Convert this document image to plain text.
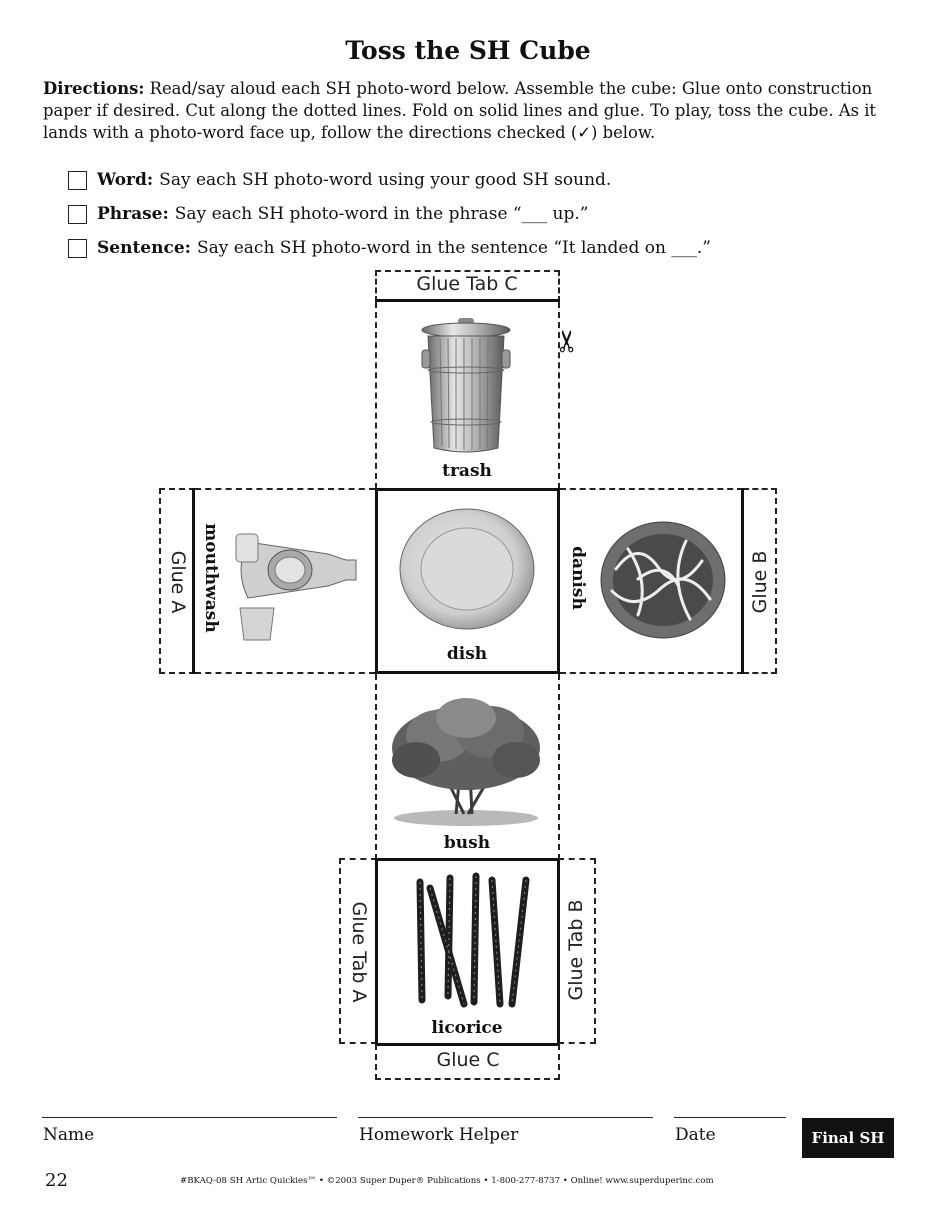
Toss the SH Cube

Directions: Read/say aloud each SH photo-word below. Assemble the cube: Glue onto construction paper if desired. Cut along the dotted lines. Fold on solid lines and glue. To play, toss the cube. As it lands with a photo-word face up, follow the directions checked (✓) below.

Word: Say each SH photo-word using your good SH sound.
Phrase: Say each SH photo-word in the phrase “___ up.”
Sentence: Say each SH photo-word in the sentence “It landed on ___.”
Glue Tab C
trash
✂
Glue A mouthwash
dish
danish	Glue B
bush
Glue Tab A
licorice
Glue Tab B
Glue C
Name	Homework Helper	Date	Final SH
22	#BKAQ-08 SH Artic Quickies™ • ©2003 Super Duper® Publications • 1-800-277-8737 • Online! www.superduperinc.com
